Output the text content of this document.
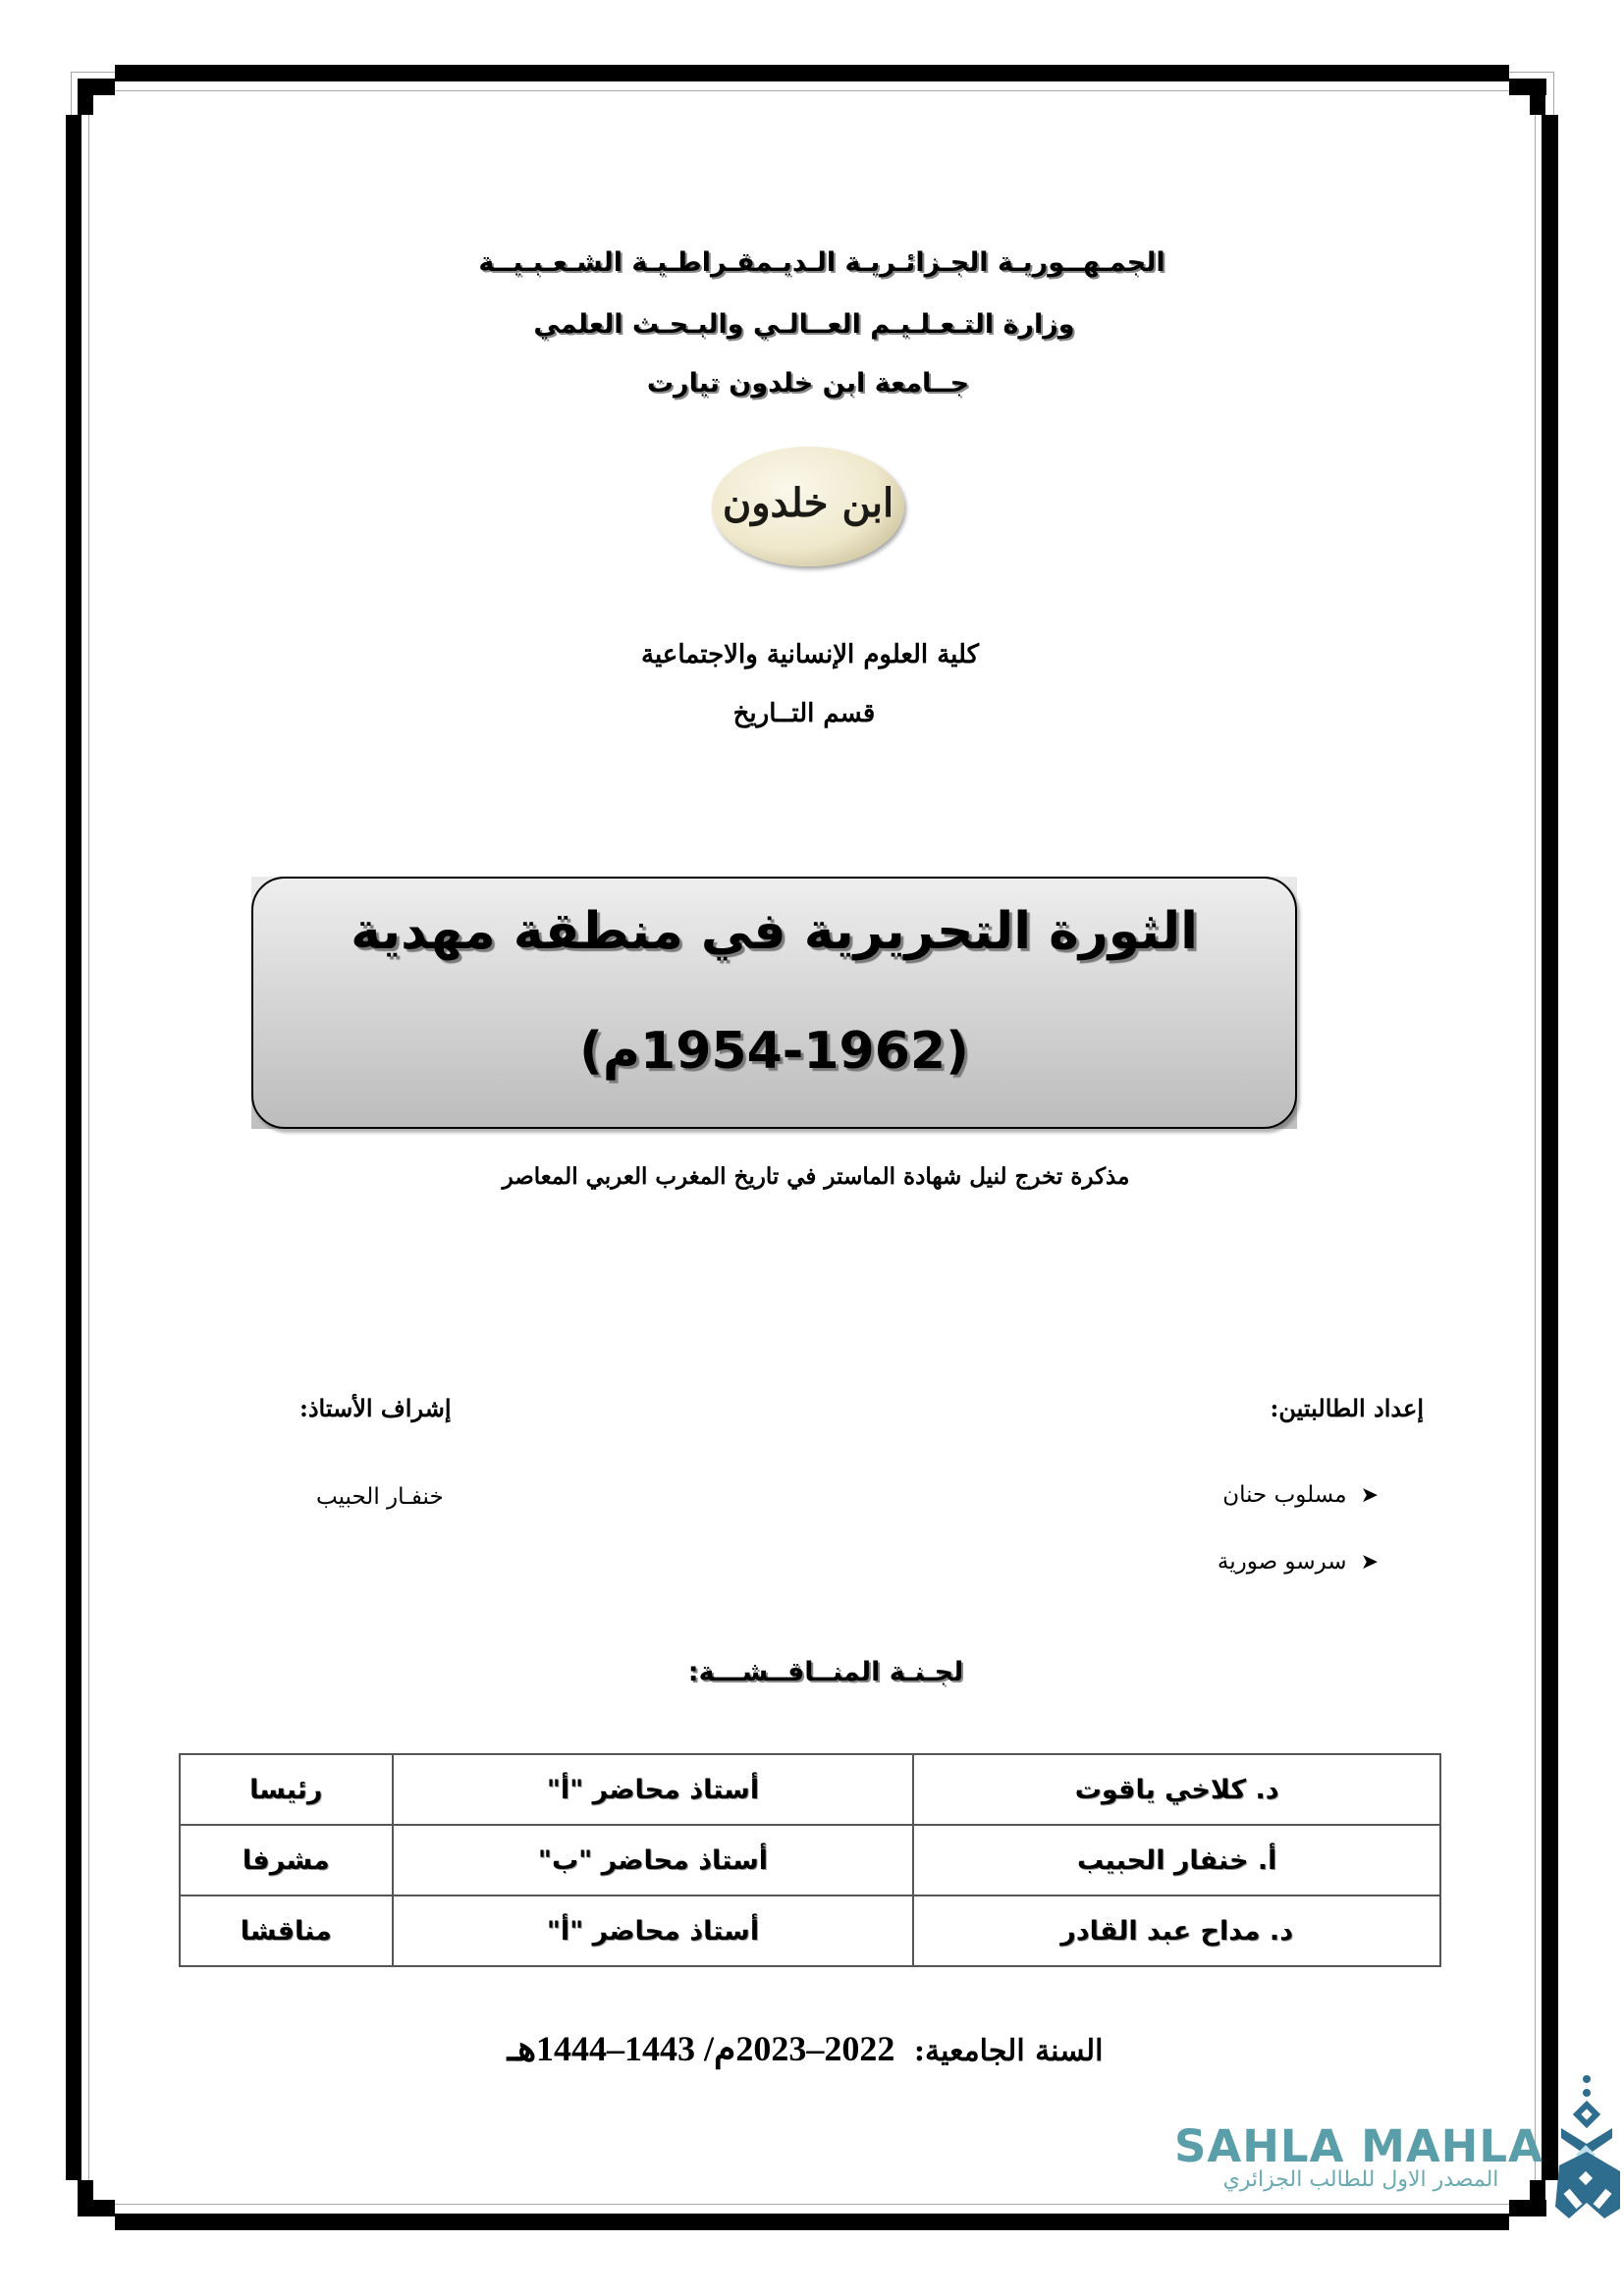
الجمـهــوريـة الجـزائـريـة الـديـمقـراطـيـة الشـعـبـيــة
وزارة التـعـلـيـم العــالـي والبـحـث العلمي
جــامعة ابن خلدون تيارت
ابن خلدون
كلية العلوم الإنسانية والاجتماعية
قسم التــاريخ
الثورة التحريرية في منطقة مهدية
(1954-1962م)
مذكرة تخرج لنيل شهادة الماستر في تاريخ المغرب العربي المعاصر
إعداد الطالبتين:
➤
مسلوب حنان
➤
سرسو صورية
إشراف الأستاذ:
خنفـار الحبيب
لجـنـة المنــاقــشـــة:
د. كلاخي ياقوت	أستاذ محاضر "أ"	رئيسا
أ. خنفار الحبيب	أستاذ محاضر "ب"	مشرفا
د. مداح عبد القادر	أستاذ محاضر "أ"	مناقشا
السنة الجامعية: 2022–2023م/ 1443–1444هـ
SAHLA MAHLA
المصدر الاول للطالب الجزائري
